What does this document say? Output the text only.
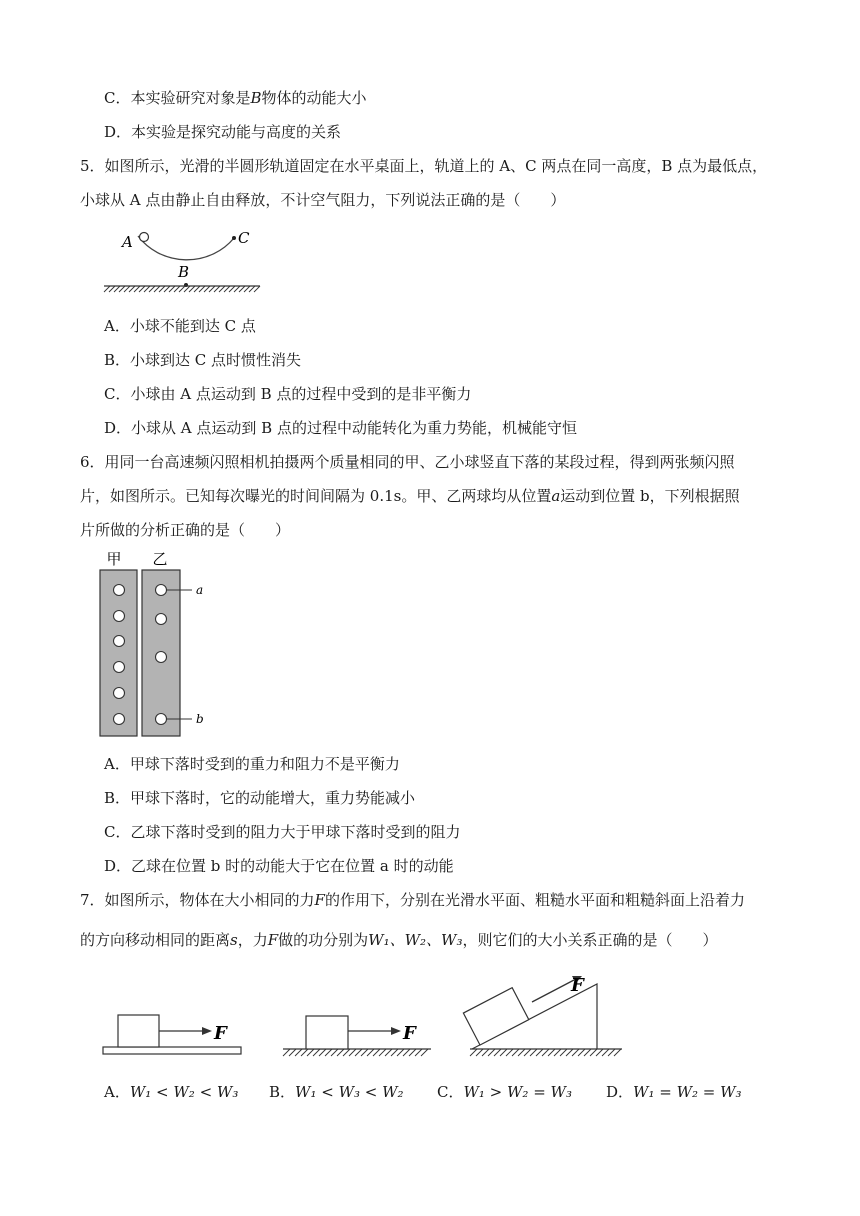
C．本实验研究对象是B物体的动能大小
D．本实验是探究动能与高度的关系
5．如图所示，光滑的半圆形轨道固定在水平桌面上，轨道上的 A、C 两点在同一高度，B 点为最低点，
小球从 A 点由静止自由释放，不计空气阻力，下列说法正确的是（　　）
A	C
B
A．小球不能到达 C 点
B．小球到达 C 点时惯性消失
C．小球由 A 点运动到 B 点的过程中受到的是非平衡力
D．小球从 A 点运动到 B 点的过程中动能转化为重力势能，机械能守恒
6．用同一台高速频闪照相机拍摄两个质量相同的甲、乙小球竖直下落的某段过程，得到两张频闪照
片，如图所示。已知每次曝光的时间间隔为 0.1s。甲、乙两球均从位置a运动到位置 b，下列根据照
片所做的分析正确的是（　　）
甲 乙
a
b
A．甲球下落时受到的重力和阻力不是平衡力
B．甲球下落时，它的动能增大，重力势能减小
C．乙球下落时受到的阻力大于甲球下落时受到的阻力
D．乙球在位置 b 时的动能大于它在位置 a 时的动能
7．如图所示，物体在大小相同的力F的作用下，分别在光滑水平面、粗糙水平面和粗糙斜面上沿着力
的方向移动相同的距离s，力F做的功分别为W₁、W₂、W₃，则它们的大小关系正确的是（　　）
F	F
F
A．W₁ < W₂ < W₃ B．W₁ < W₃ < W₂ C．W₁ > W₂ = W₃ D．W₁ = W₂ = W₃
